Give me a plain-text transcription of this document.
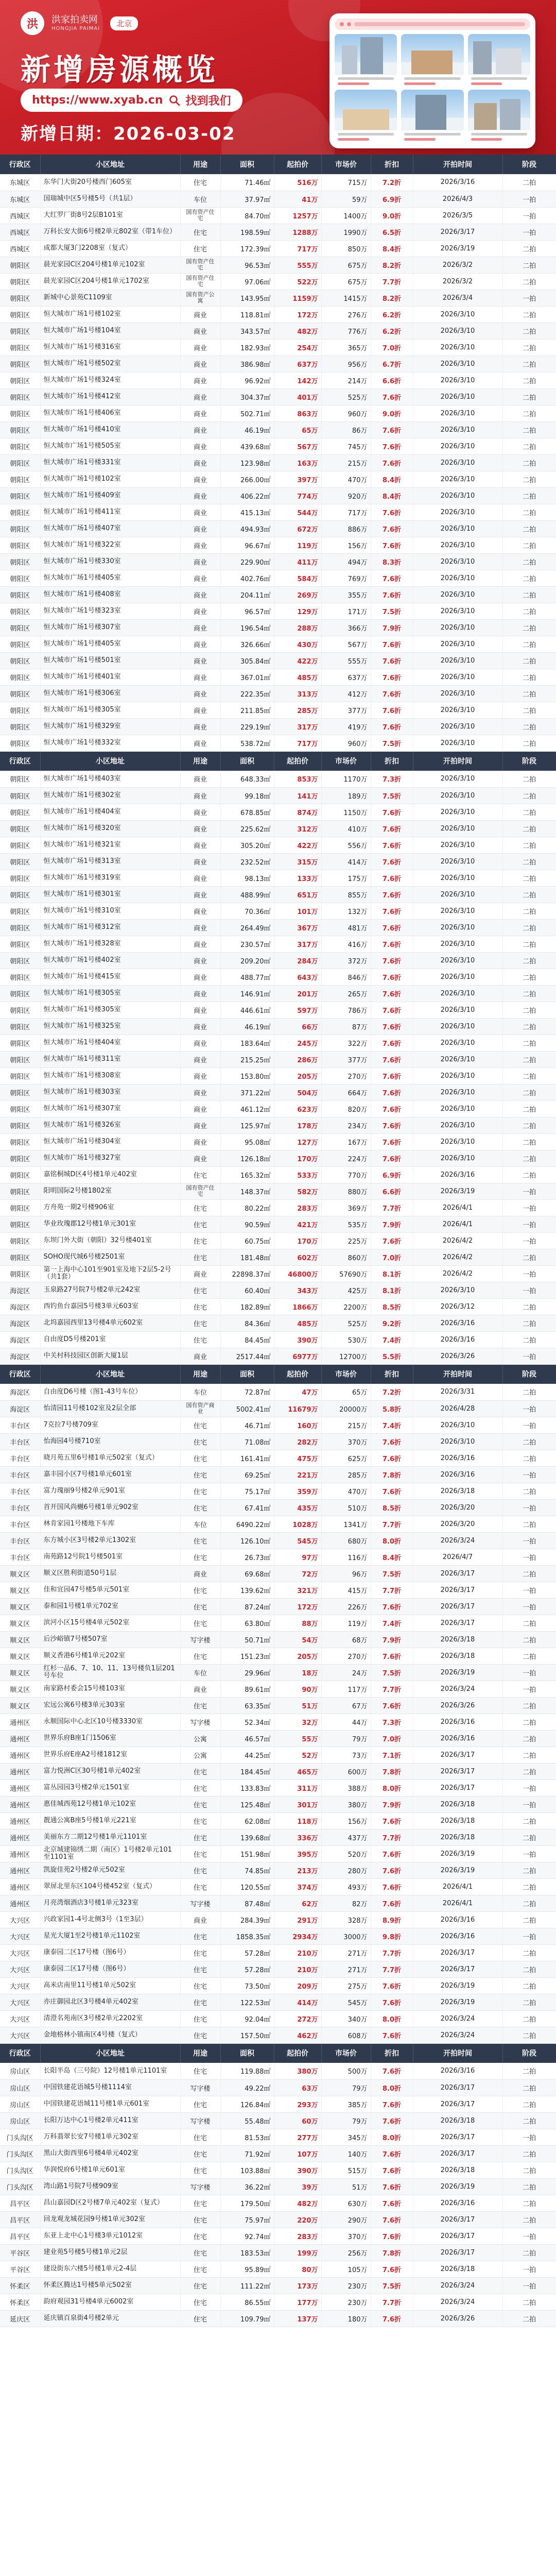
洪	洪家拍卖网
HONGJIA PAIMAI
北京
新增房源概览
https://www.xyab.cn 找到我们
新增日期：2026-03-02
行政区	小区地址	用途	面积	起拍价	市场价	折扣	开拍时间	阶段
东城区	东华门大街20号楼西门605室	住宅	71.46㎡	516万	715万	7.2折	2026/3/16	二拍
东城区	国瑞城中区5号楼5号（共1层）	车位	37.97㎡	41万	59万	6.9折	2026/4/3	一拍
西城区	大红罗厂街8号2层B101室	国有资产住宅	84.70㎡	1257万	1400万	9.0折	2026/3/5	一拍
西城区	万科长安大街6号楼2单元802室（带1车位）	住宅	198.59㎡	1288万	1990万	6.5折	2026/3/17	一拍
西城区	成都大厦3门2208室（复式）	住宅	172.39㎡	717万	850万	8.4折	2026/3/19	二拍
朝阳区	晨光家园C区204号楼1单元102室	国有资产住宅	96.53㎡	555万	675万	8.2折	2026/3/2	二拍
朝阳区	晨光家园C区204号楼1单元1702室	国有资产住宅	97.06㎡	522万	675万	7.7折	2026/3/2	二拍
朝阳区	新城中心景苑C1109室	国有资产公寓	143.95㎡	1159万	1415万	8.2折	2026/3/4	一拍
朝阳区	恒大城市广场1号楼102室	商业	118.81㎡	172万	276万	6.2折	2026/3/10	二拍
朝阳区	恒大城市广场1号楼104室	商业	343.57㎡	482万	776万	6.2折	2026/3/10	二拍
朝阳区	恒大城市广场1号楼316室	商业	182.93㎡	254万	365万	7.0折	2026/3/10	二拍
朝阳区	恒大城市广场1号楼502室	商业	386.98㎡	637万	956万	6.7折	2026/3/10	二拍
朝阳区	恒大城市广场1号楼324室	商业	96.92㎡	142万	214万	6.6折	2026/3/10	二拍
朝阳区	恒大城市广场1号楼412室	商业	304.37㎡	401万	525万	7.6折	2026/3/10	二拍
朝阳区	恒大城市广场1号楼406室	商业	502.71㎡	863万	960万	9.0折	2026/3/10	二拍
朝阳区	恒大城市广场1号楼410室	商业	46.19㎡	65万	86万	7.6折	2026/3/10	二拍
朝阳区	恒大城市广场1号楼505室	商业	439.68㎡	567万	745万	7.6折	2026/3/10	二拍
朝阳区	恒大城市广场1号楼331室	商业	123.98㎡	163万	215万	7.6折	2026/3/10	二拍
朝阳区	恒大城市广场1号楼102室	商业	266.00㎡	397万	470万	8.4折	2026/3/10	二拍
朝阳区	恒大城市广场1号楼409室	商业	406.22㎡	774万	920万	8.4折	2026/3/10	二拍
朝阳区	恒大城市广场1号楼411室	商业	415.13㎡	544万	717万	7.6折	2026/3/10	二拍
朝阳区	恒大城市广场1号楼407室	商业	494.93㎡	672万	886万	7.6折	2026/3/10	二拍
朝阳区	恒大城市广场1号楼322室	商业	96.67㎡	119万	156万	7.6折	2026/3/10	二拍
朝阳区	恒大城市广场1号楼330室	商业	229.90㎡	411万	494万	8.3折	2026/3/10	二拍
朝阳区	恒大城市广场1号楼405室	商业	402.76㎡	584万	769万	7.6折	2026/3/10	二拍
朝阳区	恒大城市广场1号楼408室	商业	204.11㎡	269万	355万	7.6折	2026/3/10	二拍
朝阳区	恒大城市广场1号楼323室	商业	96.57㎡	129万	171万	7.5折	2026/3/10	二拍
朝阳区	恒大城市广场1号楼307室	商业	196.54㎡	288万	366万	7.9折	2026/3/10	二拍
朝阳区	恒大城市广场1号楼405室	商业	326.66㎡	430万	567万	7.6折	2026/3/10	二拍
朝阳区	恒大城市广场1号楼501室	商业	305.84㎡	422万	555万	7.6折	2026/3/10	二拍
朝阳区	恒大城市广场1号楼401室	商业	367.01㎡	485万	637万	7.6折	2026/3/10	二拍
朝阳区	恒大城市广场1号楼306室	商业	222.35㎡	313万	412万	7.6折	2026/3/10	二拍
朝阳区	恒大城市广场1号楼305室	商业	211.85㎡	285万	377万	7.6折	2026/3/10	二拍
朝阳区	恒大城市广场1号楼329室	商业	229.19㎡	317万	419万	7.6折	2026/3/10	二拍
朝阳区	恒大城市广场1号楼332室	商业	538.72㎡	717万	960万	7.5折	2026/3/10	二拍
行政区	小区地址	用途	面积	起拍价	市场价	折扣	开拍时间	阶段
朝阳区	恒大城市广场1号楼403室	商业	648.33㎡	853万	1170万	7.3折	2026/3/10	二拍
朝阳区	恒大城市广场1号楼302室	商业	99.18㎡	141万	189万	7.5折	2026/3/10	二拍
朝阳区	恒大城市广场1号楼404室	商业	678.85㎡	874万	1150万	7.6折	2026/3/10	二拍
朝阳区	恒大城市广场1号楼320室	商业	225.62㎡	312万	410万	7.6折	2026/3/10	二拍
朝阳区	恒大城市广场1号楼321室	商业	305.20㎡	422万	556万	7.6折	2026/3/10	二拍
朝阳区	恒大城市广场1号楼313室	商业	232.52㎡	315万	414万	7.6折	2026/3/10	二拍
朝阳区	恒大城市广场1号楼319室	商业	98.13㎡	133万	175万	7.6折	2026/3/10	二拍
朝阳区	恒大城市广场1号楼301室	商业	488.99㎡	651万	855万	7.6折	2026/3/10	二拍
朝阳区	恒大城市广场1号楼310室	商业	70.36㎡	101万	132万	7.6折	2026/3/10	二拍
朝阳区	恒大城市广场1号楼312室	商业	264.49㎡	367万	481万	7.6折	2026/3/10	二拍
朝阳区	恒大城市广场1号楼328室	商业	230.57㎡	317万	416万	7.6折	2026/3/10	二拍
朝阳区	恒大城市广场1号楼402室	商业	209.20㎡	284万	372万	7.6折	2026/3/10	二拍
朝阳区	恒大城市广场1号楼415室	商业	488.77㎡	643万	846万	7.6折	2026/3/10	二拍
朝阳区	恒大城市广场1号楼305室	商业	146.91㎡	201万	265万	7.6折	2026/3/10	二拍
朝阳区	恒大城市广场1号楼305室	商业	446.61㎡	597万	786万	7.6折	2026/3/10	二拍
朝阳区	恒大城市广场1号楼325室	商业	46.19㎡	66万	87万	7.6折	2026/3/10	二拍
朝阳区	恒大城市广场1号楼404室	商业	183.64㎡	245万	322万	7.6折	2026/3/10	二拍
朝阳区	恒大城市广场1号楼311室	商业	215.25㎡	286万	377万	7.6折	2026/3/10	二拍
朝阳区	恒大城市广场1号楼308室	商业	153.80㎡	205万	270万	7.6折	2026/3/10	二拍
朝阳区	恒大城市广场1号楼303室	商业	371.22㎡	504万	664万	7.6折	2026/3/10	二拍
朝阳区	恒大城市广场1号楼307室	商业	461.12㎡	623万	820万	7.6折	2026/3/10	二拍
朝阳区	恒大城市广场1号楼326室	商业	125.97㎡	178万	234万	7.6折	2026/3/10	二拍
朝阳区	恒大城市广场1号楼304室	商业	95.08㎡	127万	167万	7.6折	2026/3/10	二拍
朝阳区	恒大城市广场1号楼327室	商业	126.18㎡	170万	224万	7.6折	2026/3/10	二拍
朝阳区	嘉铭桐城D区4号楼1单元402室	住宅	165.32㎡	533万	770万	6.9折	2026/3/16	二拍
朝阳区	阳明国际2号楼1802室	国有资产住宅	148.37㎡	582万	880万	6.6折	2026/3/19	一拍
朝阳区	方舟苑一期2号楼906室	住宅	80.22㎡	283万	369万	7.7折	2026/4/1	一拍
朝阳区	华业玫瑰郡12号楼1单元301室	住宅	90.59㎡	421万	535万	7.9折	2026/4/1	一拍
朝阳区	东坝门外大街（朝阳）32号楼401室	住宅	60.75㎡	170万	225万	7.6折	2026/4/2	一拍
朝阳区	SOHO现代城6号楼2501室	住宅	181.48㎡	602万	860万	7.0折	2026/4/2	二拍
朝阳区	第一上海中心101至901室及地下2层5-2号（共1套）	商业	22898.37㎡	46800万	57690万	8.1折	2026/4/2	一拍
海淀区	玉泉路27号院7号楼2单元242室	住宅	60.40㎡	343万	425万	8.1折	2026/3/10	一拍
海淀区	西钓鱼台嘉园5号楼3单元603室	住宅	182.89㎡	1866万	2200万	8.5折	2026/3/12	二拍
海淀区	北坞嘉园西里13号楼4单元602室	住宅	84.36㎡	485万	525万	9.2折	2026/3/16	二拍
海淀区	自由度D5号楼201室	住宅	84.45㎡	390万	530万	7.4折	2026/3/16	二拍
海淀区	中关村科技园区创新大厦1层	商业	2517.44㎡	6977万	12700万	5.5折	2026/3/26	一拍
行政区	小区地址	用途	面积	起拍价	市场价	折扣	开拍时间	阶段
海淀区	自由度D6号楼（图1-43号车位）	车位	72.87㎡	47万	65万	7.2折	2026/3/31	二拍
海淀区	怡清园11号楼102室及2层全部	国有资产商业	5002.41㎡	11679万	20000万	5.8折	2026/4/28	一拍
丰台区	7克拉7号楼709室	住宅	46.71㎡	160万	215万	7.4折	2026/3/10	一拍
丰台区	怡海园4号楼710室	住宅	71.08㎡	282万	370万	7.6折	2026/3/10	二拍
丰台区	晓月苑五里6号楼1单元502室（复式）	住宅	161.41㎡	475万	625万	7.6折	2026/3/16	二拍
丰台区	嘉丰园小区7号楼1单元601室	住宅	69.25㎡	221万	285万	7.8折	2026/3/16	一拍
丰台区	富力瑰丽9号楼2单元901室	住宅	75.17㎡	359万	470万	7.6折	2026/3/18	二拍
丰台区	首开国风尚樾6号楼1单元902室	住宅	67.41㎡	435万	510万	8.5折	2026/3/20	一拍
丰台区	林肯家园1号楼地下车库	车位	6490.22㎡	1028万	1341万	7.7折	2026/3/20	二拍
丰台区	东方城小区3号楼2单元1302室	住宅	126.10㎡	545万	680万	8.0折	2026/3/24	一拍
丰台区	南苑路12号院1号楼501室	住宅	26.73㎡	97万	116万	8.4折	2026/4/7	一拍
顺义区	顺义区胜利街道50号1层	商业	69.68㎡	72万	96万	7.5折	2026/3/17	二拍
顺义区	佳和宜园47号楼5单元501室	住宅	139.62㎡	321万	415万	7.7折	2026/3/17	一拍
顺义区	泰和园1号楼1单元702室	住宅	87.24㎡	172万	226万	7.6折	2026/3/17	一拍
顺义区	滨河小区15号楼4单元502室	住宅	63.80㎡	88万	119万	7.4折	2026/3/17	二拍
顺义区	后沙峪镇7号楼507室	写字楼	50.71㎡	54万	68万	7.9折	2026/3/18	二拍
顺义区	顺义香港6号楼1单元202室	住宅	151.23㎡	205万	270万	7.6折	2026/3/18	二拍
顺义区	红杉一品6、7、10、11、13号楼负1层201号车位	车位	29.96㎡	18万	24万	7.5折	2026/3/19	一拍
顺义区	南家路村委会15号楼103室	商业	89.61㎡	90万	117万	7.7折	2026/3/24	一拍
顺义区	宏远公寓6号楼3单元303室	住宅	63.35㎡	51万	67万	7.6折	2026/3/26	二拍
通州区	永顺国际中心北区10号楼3330室	写字楼	52.34㎡	32万	44万	7.3折	2026/3/16	二拍
通州区	世界乐府B座1门1506室	公寓	46.57㎡	55万	79万	7.0折	2026/3/16	二拍
通州区	世界乐府E座A2号楼1812室	公寓	44.25㎡	52万	73万	7.1折	2026/3/17	二拍
通州区	富力悦洲C区30号楼1单元402室	住宅	184.45㎡	465万	600万	7.8折	2026/3/17	二拍
通州区	富丛园园3号楼2单元1501室	住宅	133.83㎡	311万	388万	8.0折	2026/3/17	一拍
通州区	惠佳城西苑12号楼1单元102室	住宅	125.48㎡	301万	380万	7.9折	2026/3/18	一拍
通州区	靓通公寓B座5号楼1单元221室	住宅	62.08㎡	118万	156万	7.6折	2026/3/18	二拍
通州区	美丽东方二期12号楼1单元1101室	住宅	139.68㎡	336万	437万	7.7折	2026/3/18	二拍
通州区	北京城建锦绣二期（南区）1号楼2单元101至1101室	住宅	151.98㎡	395万	520万	7.6折	2026/3/19	一拍
通州区	凯旋佳苑2号楼2单元502室	住宅	74.85㎡	213万	280万	7.6折	2026/3/19	二拍
通州区	翠屏北里东区104号楼452室（复式）	住宅	120.55㎡	374万	493万	7.6折	2026/4/1	二拍
通州区	月亮湾烟酒店3号楼1单元323室	写字楼	87.48㎡	62万	82万	7.6折	2026/4/1	二拍
大兴区	兴政家园1-4号北侧3号（1至3层）	商业	284.39㎡	291万	328万	8.9折	2026/3/16	二拍
大兴区	星光大厦1至2号楼1单元1102室	住宅	1858.35㎡	2934万	3000万	9.8折	2026/3/16	一拍
大兴区	康泰园二区17号楼（图6号）	住宅	57.28㎡	210万	271万	7.7折	2026/3/17	二拍
大兴区	康泰园二区17号楼（图6号）	住宅	57.28㎡	210万	271万	7.7折	2026/3/17	二拍
大兴区	高米店南里11号楼1单元502室	住宅	73.50㎡	209万	275万	7.6折	2026/3/19	二拍
大兴区	亦庄御园北区3号楼4单元402室	住宅	122.53㎡	414万	545万	7.6折	2026/3/19	二拍
大兴区	清澄名苑南区3号楼2单元2202室	住宅	92.04㎡	272万	340万	8.0折	2026/3/24	二拍
大兴区	金地格林小镇南区4号楼（复式）	住宅	157.50㎡	462万	608万	7.6折	2026/3/24	二拍
行政区	小区地址	用途	面积	起拍价	市场价	折扣	开拍时间	阶段
房山区	长阳半岛（三号院）12号楼1单元1101室	住宅	119.88㎡	380万	500万	7.6折	2026/3/16	二拍
房山区	中国铁建花语城5号楼1114室	写字楼	49.22㎡	63万	79万	8.0折	2026/3/17	二拍
房山区	中国铁建花语城11号楼1单元601室	住宅	126.84㎡	293万	385万	7.6折	2026/3/17	二拍
房山区	长阳万达中心1号楼2单元411室	写字楼	55.48㎡	60万	79万	7.6折	2026/3/18	二拍
门头沟区	万科翡翠长安7号楼1单元302室	住宅	81.53㎡	277万	345万	8.0折	2026/3/17	一拍
门头沟区	黑山大街西里6号楼4单元402室	住宅	71.92㎡	107万	140万	7.6折	2026/3/17	二拍
门头沟区	华润悦府6号楼1单元601室	住宅	103.88㎡	390万	515万	7.6折	2026/3/18	二拍
门头沟区	湾山路1号院7号楼909室	写字楼	36.22㎡	39万	51万	7.6折	2026/3/19	二拍
昌平区	昌山嘉园D区2号楼7单元402室（复式）	住宅	179.50㎡	482万	630万	7.6折	2026/3/16	二拍
昌平区	回龙观龙城花园9号楼1单元302室	住宅	75.97㎡	220万	290万	7.6折	2026/3/17	二拍
昌平区	东亚上北中心1号楼3单元1012室	住宅	92.74㎡	283万	370万	7.6折	2026/3/17	一拍
平谷区	建业苑5号楼5号楼1单元2层	住宅	183.53㎡	199万	256万	7.8折	2026/3/17	二拍
平谷区	建设街东六楼5号楼1单元2-4层	住宅	95.89㎡	80万	105万	7.6折	2026/3/18	一拍
怀柔区	怀柔区腾达1号楼5单元502室	住宅	111.22㎡	173万	230万	7.5折	2026/3/24	一拍
怀柔区	韵府观园31号楼4单元6002室	住宅	86.55㎡	177万	230万	7.7折	2026/3/24	二拍
延庆区	延庆镇百泉街4号楼2单元	住宅	109.79㎡	137万	180万	7.6折	2026/3/26	二拍
